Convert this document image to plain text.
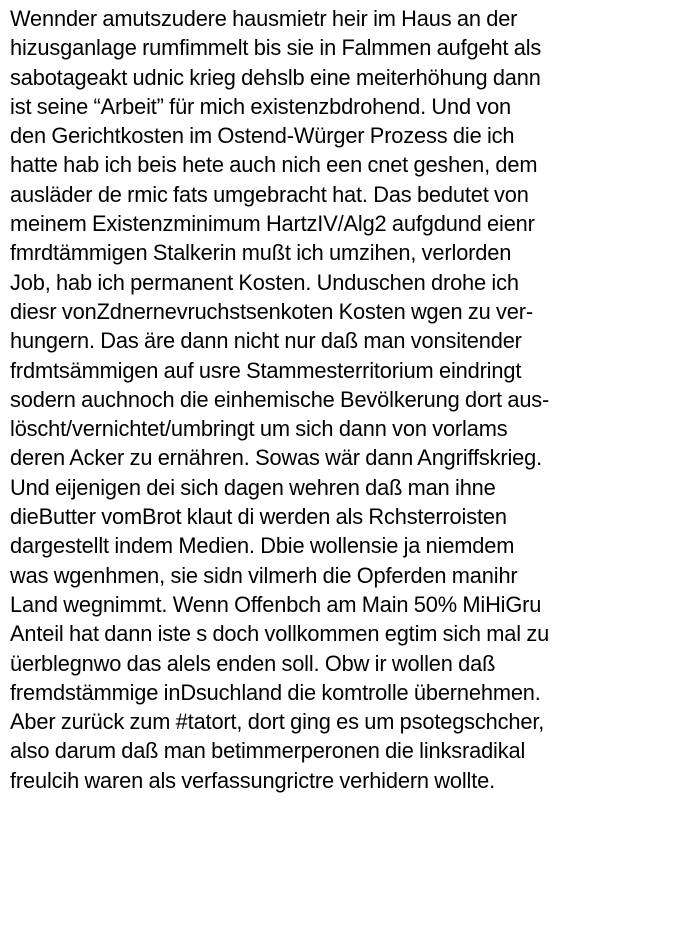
Wennder amutszudere hausmietr heir im Haus an der
hizusganlage rumfimmelt bis sie in Falmmen aufgeht als
sabotageakt udnic krieg dehslb eine meiterhöhung dann
ist seine “Arbeit” für mich existenzbdrohend. Und von
den Gerichtkosten im Ostend-Würger Prozess die ich
hatte hab ich beis hete auch nich een cnet geshen, dem
ausläder de rmic fats umgebracht hat. Das bedutet von
meinem Existenzminimum HartzIV/Alg2 aufgdund eienr
fmrdtämmigen Stalkerin mußt ich umzihen, verlorden
Job, hab ich permanent Kosten. Unduschen drohe ich
diesr vonZdnernevruchstsenkoten Kosten wgen zu ver-
hungern. Das äre dann nicht nur daß man vonsitender
frdmtsämmigen auf usre Stammesterritorium eindringt
sodern auchnoch die einhemische Bevölkerung dort aus-
löscht/vernichtet/umbringt um sich dann von vorlams
deren Acker zu ernähren. Sowas wär dann Angriffskrieg.
Und eijenigen dei sich dagen wehren daß man ihne
dieButter vomBrot klaut di werden als Rchsterroisten
dargestellt indem Medien. Dbie wollensie ja niemdem
was wgenhmen, sie sidn vilmerh die Opferden manihr
Land wegnimmt. Wenn Offenbch am Main 50% MiHiGru
Anteil hat dann iste s doch vollkommen egtim sich mal zu
üerblegnwo das alels enden soll. Obw ir wollen daß
fremdstämmige inDsuchland die komtrolle übernehmen.
Aber zurück zum #tatort, dort ging es um psotegschcher,
also darum daß man betimmerperonen die linksradikal
freulcih waren als verfassungrictre verhidern wollte.
